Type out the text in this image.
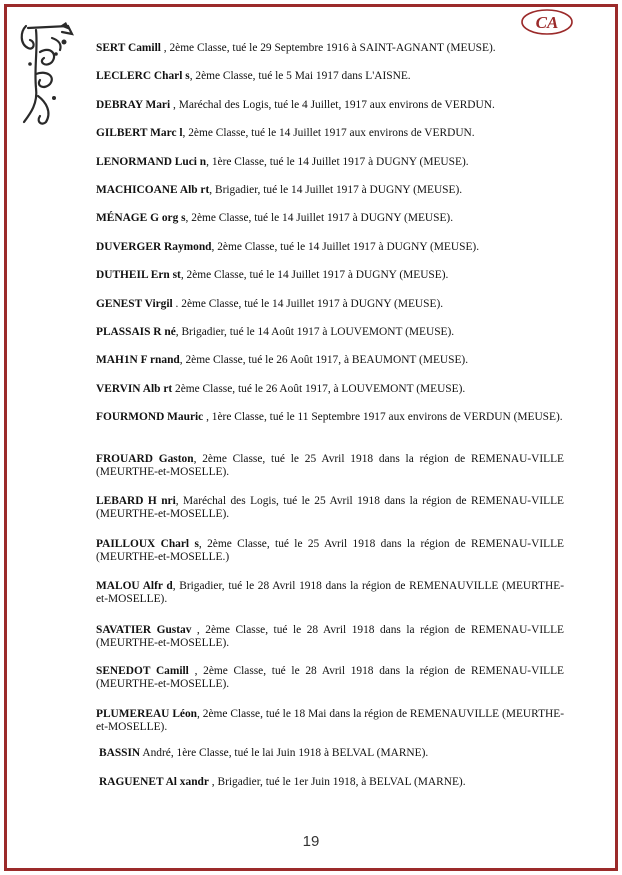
CA

SERT Camill , 2ème Classe, tué le 29 Septembre 1916 à SAINT-AGNANT (MEUSE).

LECLERC Charl s, 2ème Classe, tué le 5 Mai 1917 dans L'AISNE.

DEBRAY Mari , Maréchal des Logis, tué le 4 Juillet, 1917 aux environs de VERDUN.

GILBERT Marc l, 2ème Classe, tué le 14 Juillet 1917 aux environs de VERDUN.

LENORMAND Luci n, 1ère Classe, tué le 14 Juillet 1917 à DUGNY (MEUSE).

MACHICOANE Alb rt, Brigadier, tué le 14 Juillet 1917 à DUGNY (MEUSE).

MÉNAGE G org s, 2ème Classe, tué le 14 Juillet 1917 à DUGNY (MEUSE).

DUVERGER Raymond, 2ème Classe, tué le 14 Juillet 1917 à DUGNY (MEUSE).

DUTHEIL Ern st, 2ème Classe, tué le 14 Juillet 1917 à DUGNY (MEUSE).

GENEST Virgil . 2ème Classe, tué le 14 Juillet 1917 à DUGNY (MEUSE).

PLASSAIS R né, Brigadier, tué le 14 Août 1917 à LOUVEMONT (MEUSE).

MAH1N F rnand, 2ème Classe, tué le 26 Août 1917, à BEAUMONT (MEUSE).

VERVIN Alb rt 2ème Classe, tué le 26 Août 1917, à LOUVEMONT (MEUSE).

FOURMOND Mauric , 1ère Classe, tué le 11 Septembre 1917 aux environs de VERDUN (MEUSE).

FROUARD Gaston, 2ème Classe, tué le 25 Avril 1918 dans la région de REMENAU-VILLE (MEURTHE-et-MOSELLE).

LEBARD H nri, Maréchal des Logis, tué le 25 Avril 1918 dans la région de REMENAU-VILLE (MEURTHE-et-MOSELLE).

PAILLOUX Charl s, 2ème Classe, tué le 25 Avril 1918 dans la région de REMENAU-VILLE (MEURTHE-et-MOSELLE.)

MALOU Alfr d, Brigadier, tué le 28 Avril 1918 dans la région de REMENAUVILLE (MEURTHE-et-MOSELLE).

SAVATIER Gustav , 2ème Classe, tué le 28 Avril 1918 dans la région de REMENAU-VILLE (MEURTHE-et-MOSELLE).

SENEDOT Camill , 2ème Classe, tué le 28 Avril 1918 dans la région de REMENAU-VILLE (MEURTHE-et-MOSELLE).

PLUMEREAU Léon, 2ème Classe, tué le 18 Mai dans la région de REMENAUVILLE (MEURTHE-et-MOSELLE).

BASSIN André, 1ère Classe, tué le lai Juin 1918 à BELVAL (MARNE).

RAGUENET Al xandr , Brigadier, tué le 1er Juin 1918, à BELVAL (MARNE).

19
